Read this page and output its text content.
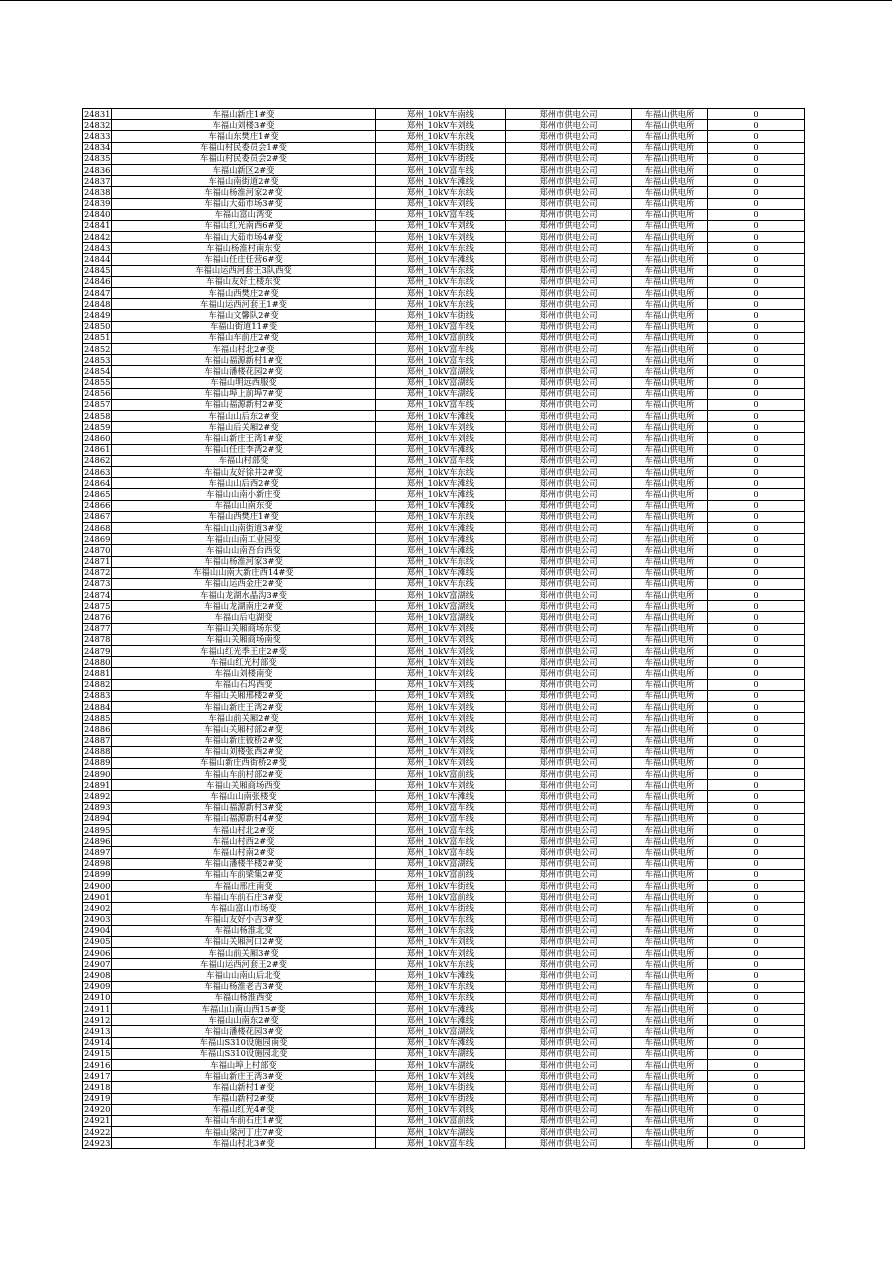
24831	车福山新庄1#变	郑州_10kV车南线	郑州市供电公司	车福山供电所	0
24832	车福山刘楼3#变	郑州_10kV车刘线	郑州市供电公司	车福山供电所	0
24833	车福山东樊庄1#变	郑州_10kV车东线	郑州市供电公司	车福山供电所	0
24834	车福山村民委员会1#变	郑州_10kV车街线	郑州市供电公司	车福山供电所	0
24835	车福山村民委员会2#变	郑州_10kV车街线	郑州市供电公司	车福山供电所	0
24836	车福山新区2#变	郑州_10kV富车线	郑州市供电公司	车福山供电所	0
24837	车福山南街道2#变	郑州_10kV车滩线	郑州市供电公司	车福山供电所	0
24838	车福山杨淮河家2#变	郑州_10kV车东线	郑州市供电公司	车福山供电所	0
24839	车福山大茹市场3#变	郑州_10kV车刘线	郑州市供电公司	车福山供电所	0
24840	车福山富山湾变	郑州_10kV富车线	郑州市供电公司	车福山供电所	0
24841	车福山红光南西6#变	郑州_10kV车刘线	郑州市供电公司	车福山供电所	0
24842	车福山大茹市场4#变	郑州_10kV车刘线	郑州市供电公司	车福山供电所	0
24843	车福山杨淮村南东变	郑州_10kV车东线	郑州市供电公司	车福山供电所	0
24844	车福山任庄任营6#变	郑州_10kV车滩线	郑州市供电公司	车福山供电所	0
24845	车福山运西河套王3队西变	郑州_10kV车东线	郑州市供电公司	车福山供电所	0
24846	车福山友好土楼东变	郑州_10kV车东线	郑州市供电公司	车福山供电所	0
24847	车福山西樊庄2#变	郑州_10kV车东线	郑州市供电公司	车福山供电所	0
24848	车福山运西河套王1#变	郑州_10kV车东线	郑州市供电公司	车福山供电所	0
24849	车福山文馨队2#变	郑州_10kV车街线	郑州市供电公司	车福山供电所	0
24850	车福山街道11#变	郑州_10kV富车线	郑州市供电公司	车福山供电所	0
24851	车福山车前庄2#变	郑州_10kV富前线	郑州市供电公司	车福山供电所	0
24852	车福山村北2#变	郑州_10kV富车线	郑州市供电公司	车福山供电所	0
24853	车福山福源新村1#变	郑州_10kV富车线	郑州市供电公司	车福山供电所	0
24854	车福山潘楼花园2#变	郑州_10kV富湖线	郑州市供电公司	车福山供电所	0
24855	车福山明远西服变	郑州_10kV富湖线	郑州市供电公司	车福山供电所	0
24856	车福山埠上前埠7#变	郑州_10kV车湖线	郑州市供电公司	车福山供电所	0
24857	车福山福源新村2#变	郑州_10kV富车线	郑州市供电公司	车福山供电所	0
24858	车福山山后东2#变	郑州_10kV车滩线	郑州市供电公司	车福山供电所	0
24859	车福山后关厢2#变	郑州_10kV车刘线	郑州市供电公司	车福山供电所	0
24860	车福山新庄王湾1#变	郑州_10kV车刘线	郑州市供电公司	车福山供电所	0
24861	车福山任庄李湾2#变	郑州_10kV车滩线	郑州市供电公司	车福山供电所	0
24862	车福山村部变	郑州_10kV富车线	郑州市供电公司	车福山供电所	0
24863	车福山友好徐井2#变	郑州_10kV车东线	郑州市供电公司	车福山供电所	0
24864	车福山山后西2#变	郑州_10kV车滩线	郑州市供电公司	车福山供电所	0
24865	车福山山南小新庄变	郑州_10kV车滩线	郑州市供电公司	车福山供电所	0
24866	车福山山南东变	郑州_10kV车滩线	郑州市供电公司	车福山供电所	0
24867	车福山西樊庄1#变	郑州_10kV车东线	郑州市供电公司	车福山供电所	0
24868	车福山山南街道3#变	郑州_10kV车滩线	郑州市供电公司	车福山供电所	0
24869	车福山山南工业园变	郑州_10kV车滩线	郑州市供电公司	车福山供电所	0
24870	车福山山南吾台西变	郑州_10kV车滩线	郑州市供电公司	车福山供电所	0
24871	车福山杨淮河家3#变	郑州_10kV车东线	郑州市供电公司	车福山供电所	0
24872	车福山山南大新庄西14#变	郑州_10kV车滩线	郑州市供电公司	车福山供电所	0
24873	车福山运西金庄2#变	郑州_10kV车东线	郑州市供电公司	车福山供电所	0
24874	车福山龙湖水晶沟3#变	郑州_10kV富湖线	郑州市供电公司	车福山供电所	0
24875	车福山龙湖南庄2#变	郑州_10kV富湖线	郑州市供电公司	车福山供电所	0
24876	车福山后屯湖变	郑州_10kV富湖线	郑州市供电公司	车福山供电所	0
24877	车福山关厢商场东变	郑州_10kV车刘线	郑州市供电公司	车福山供电所	0
24878	车福山关厢商场南变	郑州_10kV车刘线	郑州市供电公司	车福山供电所	0
24879	车福山红光季王庄2#变	郑州_10kV车刘线	郑州市供电公司	车福山供电所	0
24880	车福山红光村部变	郑州_10kV车刘线	郑州市供电公司	车福山供电所	0
24881	车福山刘楼南变	郑州_10kV车刘线	郑州市供电公司	车福山供电所	0
24882	车福山石坞西变	郑州_10kV车刘线	郑州市供电公司	车福山供电所	0
24883	车福山关厢邢楼2#变	郑州_10kV车刘线	郑州市供电公司	车福山供电所	0
24884	车福山新庄王湾2#变	郑州_10kV车刘线	郑州市供电公司	车福山供电所	0
24885	车福山前关厢2#变	郑州_10kV车刘线	郑州市供电公司	车福山供电所	0
24886	车福山关厢村部2#变	郑州_10kV车刘线	郑州市供电公司	车福山供电所	0
24887	车福山新庄彼桥2#变	郑州_10kV车刘线	郑州市供电公司	车福山供电所	0
24888	车福山刘楼张西2#变	郑州_10kV车刘线	郑州市供电公司	车福山供电所	0
24889	车福山新庄西街桥2#变	郑州_10kV车刘线	郑州市供电公司	车福山供电所	0
24890	车福山车前村部2#变	郑州_10kV富前线	郑州市供电公司	车福山供电所	0
24891	车福山关厢商场西变	郑州_10kV车刘线	郑州市供电公司	车福山供电所	0
24892	车福山山南张楼变	郑州_10kV车滩线	郑州市供电公司	车福山供电所	0
24893	车福山福源新村3#变	郑州_10kV富车线	郑州市供电公司	车福山供电所	0
24894	车福山福源新村4#变	郑州_10kV富车线	郑州市供电公司	车福山供电所	0
24895	车福山村北2#变	郑州_10kV富车线	郑州市供电公司	车福山供电所	0
24896	车福山村西2#变	郑州_10kV富车线	郑州市供电公司	车福山供电所	0
24897	车福山村南2#变	郑州_10kV富车线	郑州市供电公司	车福山供电所	0
24898	车福山潘楼半楼2#变	郑州_10kV富湖线	郑州市供电公司	车福山供电所	0
24899	车福山车前梁集2#变	郑州_10kV富前线	郑州市供电公司	车福山供电所	0
24900	车福山邢庄南变	郑州_10kV车街线	郑州市供电公司	车福山供电所	0
24901	车福山车前石庄3#变	郑州_10kV富前线	郑州市供电公司	车福山供电所	0
24902	车福山富山市场变	郑州_10kV车街线	郑州市供电公司	车福山供电所	0
24903	车福山友好小吉3#变	郑州_10kV车东线	郑州市供电公司	车福山供电所	0
24904	车福山杨淮北变	郑州_10kV车东线	郑州市供电公司	车福山供电所	0
24905	车福山关厢河口2#变	郑州_10kV车刘线	郑州市供电公司	车福山供电所	0
24906	车福山前关厢3#变	郑州_10kV车刘线	郑州市供电公司	车福山供电所	0
24907	车福山运西河套王2#变	郑州_10kV车东线	郑州市供电公司	车福山供电所	0
24908	车福山山南山后北变	郑州_10kV车滩线	郑州市供电公司	车福山供电所	0
24909	车福山杨淮老吉3#变	郑州_10kV车东线	郑州市供电公司	车福山供电所	0
24910	车福山杨淮西变	郑州_10kV车东线	郑州市供电公司	车福山供电所	0
24911	车福山山南山西15#变	郑州_10kV车滩线	郑州市供电公司	车福山供电所	0
24912	车福山山南东2#变	郑州_10kV车滩线	郑州市供电公司	车福山供电所	0
24913	车福山潘楼花园3#变	郑州_10kV富湖线	郑州市供电公司	车福山供电所	0
24914	车福山S310设施园南变	郑州_10kV车滩线	郑州市供电公司	车福山供电所	0
24915	车福山S310设施园北变	郑州_10kV车湖线	郑州市供电公司	车福山供电所	0
24916	车福山埠上村部变	郑州_10kV车湖线	郑州市供电公司	车福山供电所	0
24917	车福山新庄王湾3#变	郑州_10kV车刘线	郑州市供电公司	车福山供电所	0
24918	车福山新村1#变	郑州_10kV车街线	郑州市供电公司	车福山供电所	0
24919	车福山新村2#变	郑州_10kV车街线	郑州市供电公司	车福山供电所	0
24920	车福山红光4#变	郑州_10kV车刘线	郑州市供电公司	车福山供电所	0
24921	车福山车前石庄1#变	郑州_10kV富前线	郑州市供电公司	车福山供电所	0
24922	车福山梁河丁庄7#变	郑州_10kV车湖线	郑州市供电公司	车福山供电所	0
24923	车福山村北3#变	郑州_10kV富车线	郑州市供电公司	车福山供电所	0
